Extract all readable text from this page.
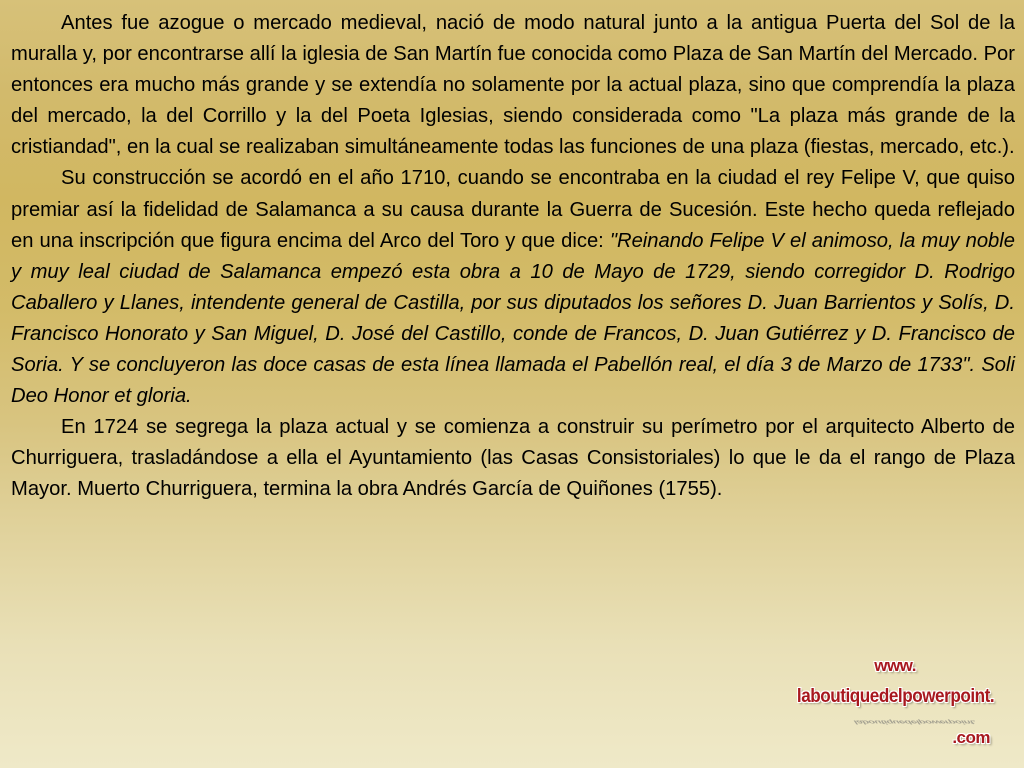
Antes fue azogue o mercado medieval, nació de modo natural junto a la antigua Puerta del Sol de la muralla y, por encontrarse allí la iglesia de San Martín fue conocida como Plaza de San Martín del Mercado. Por entonces era mucho más grande y se extendía no solamente por la actual plaza, sino que comprendía la plaza del mercado, la del Corrillo y la del Poeta Iglesias, siendo considerada como "La plaza más grande de la cristiandad", en la cual se realizaban simultáneamente todas las funciones de una plaza (fiestas, mercado, etc.).

Su construcción se acordó en el año 1710, cuando se encontraba en la ciudad el rey Felipe V, que quiso premiar así la fidelidad de Salamanca a su causa durante la Guerra de Sucesión. Este hecho queda reflejado en una inscripción que figura encima del Arco del Toro y que dice: "Reinando Felipe V el animoso, la muy noble y muy leal ciudad de Salamanca empezó esta obra a 10 de Mayo de 1729, siendo corregidor D. Rodrigo Caballero y Llanes, intendente general de Castilla, por sus diputados los señores D. Juan Barrientos y Solís, D. Francisco Honorato y San Miguel, D. José del Castillo, conde de Francos, D. Juan Gutiérrez y D. Francisco de Soria. Y se concluyeron las doce casas de esta línea llamada el Pabellón real, el día 3 de Marzo de 1733". Soli Deo Honor et gloria.

En 1724 se segrega la plaza actual y se comienza a construir su perímetro por el arquitecto Alberto de Churriguera, trasladándose a ella el Ayuntamiento (las Casas Consistoriales) lo que le da el rango de Plaza Mayor. Muerto Churriguera, termina la obra Andrés García de Quiñones (1755).

www.
laboutiquedelpowerpoint.
laboutiquedelpowerpoint.
.com
